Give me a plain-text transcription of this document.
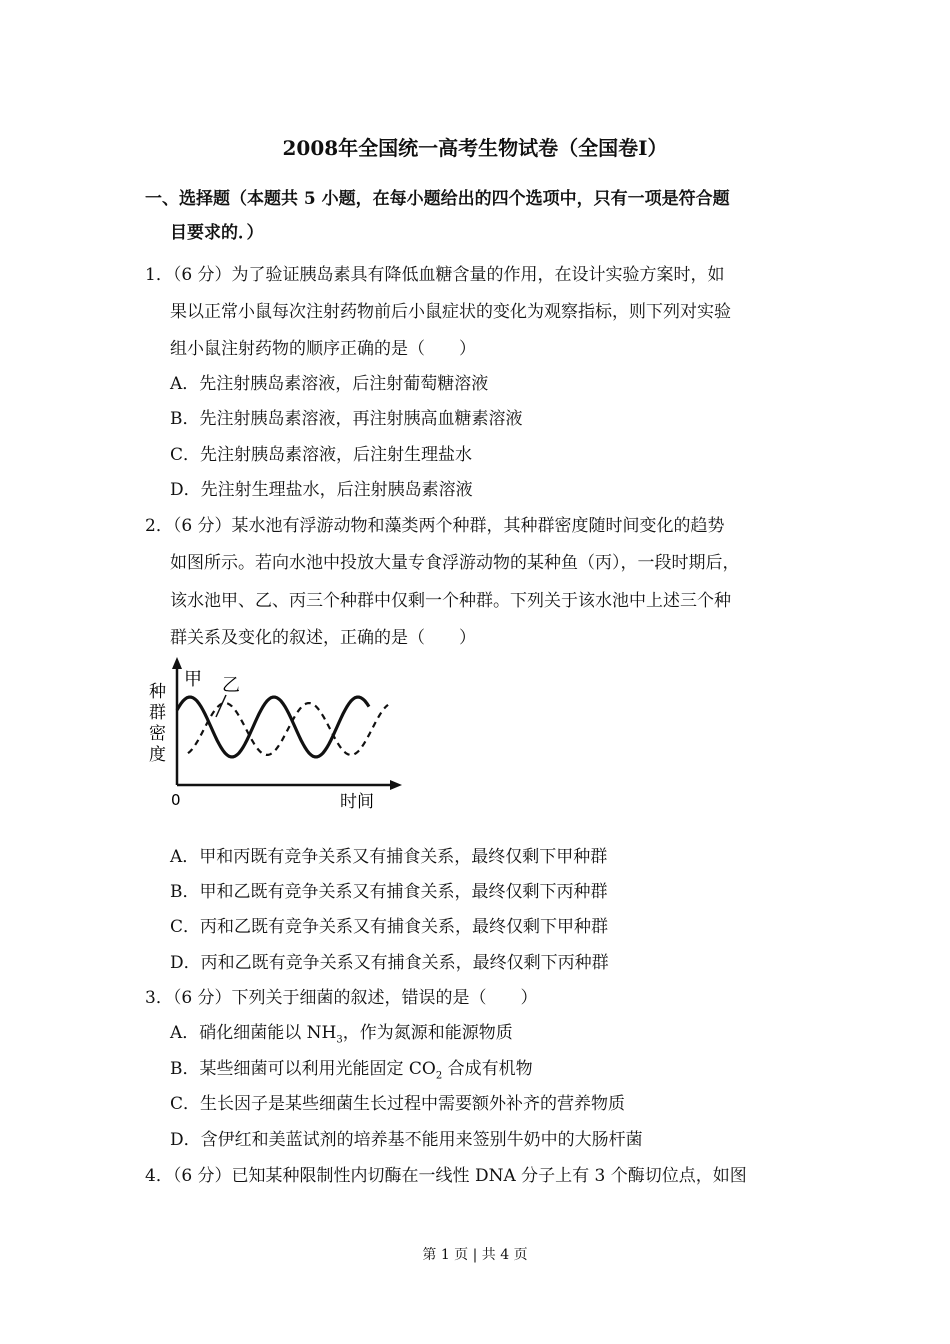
2008年全国统一高考生物试卷（全国卷Ⅰ）
一、选择题（本题共 5 小题，在每小题给出的四个选项中，只有一项是符合题
目要求的．）
1．（6 分）为了验证胰岛素具有降低血糖含量的作用，在设计实验方案时，如
果以正常小鼠每次注射药物前后小鼠症状的变化为观察指标，则下列对实验
组小鼠注射药物的顺序正确的是（　　）
A．先注射胰岛素溶液，后注射葡萄糖溶液
B．先注射胰岛素溶液，再注射胰高血糖素溶液
C．先注射胰岛素溶液，后注射生理盐水
D．先注射生理盐水，后注射胰岛素溶液
2．（6 分）某水池有浮游动物和藻类两个种群，其种群密度随时间变化的趋势
如图所示。若向水池中投放大量专食浮游动物的某种鱼（丙），一段时期后，
该水池甲、乙、丙三个种群中仅剩一个种群。下列关于该水池中上述三个种
群关系及变化的叙述，正确的是（　　）
种
群
密
度
0	时间
甲 乙
A．甲和丙既有竞争关系又有捕食关系，最终仅剩下甲种群
B．甲和乙既有竞争关系又有捕食关系，最终仅剩下丙种群
C．丙和乙既有竞争关系又有捕食关系，最终仅剩下甲种群
D．丙和乙既有竞争关系又有捕食关系，最终仅剩下丙种群
3．（6 分）下列关于细菌的叙述，错误的是（　　）
A．硝化细菌能以 $NH_3$，作为氮源和能源物质
B．某些细菌可以利用光能固定 $CO_2$ 合成有机物
C．生长因子是某些细菌生长过程中需要额外补齐的营养物质
D．含伊红和美蓝试剂的培养基不能用来签别牛奶中的大肠杆菌
4．（6 分）已知某种限制性内切酶在一线性 DNA 分子上有 3 个酶切位点，如图
第 1 页 | 共 4 页
